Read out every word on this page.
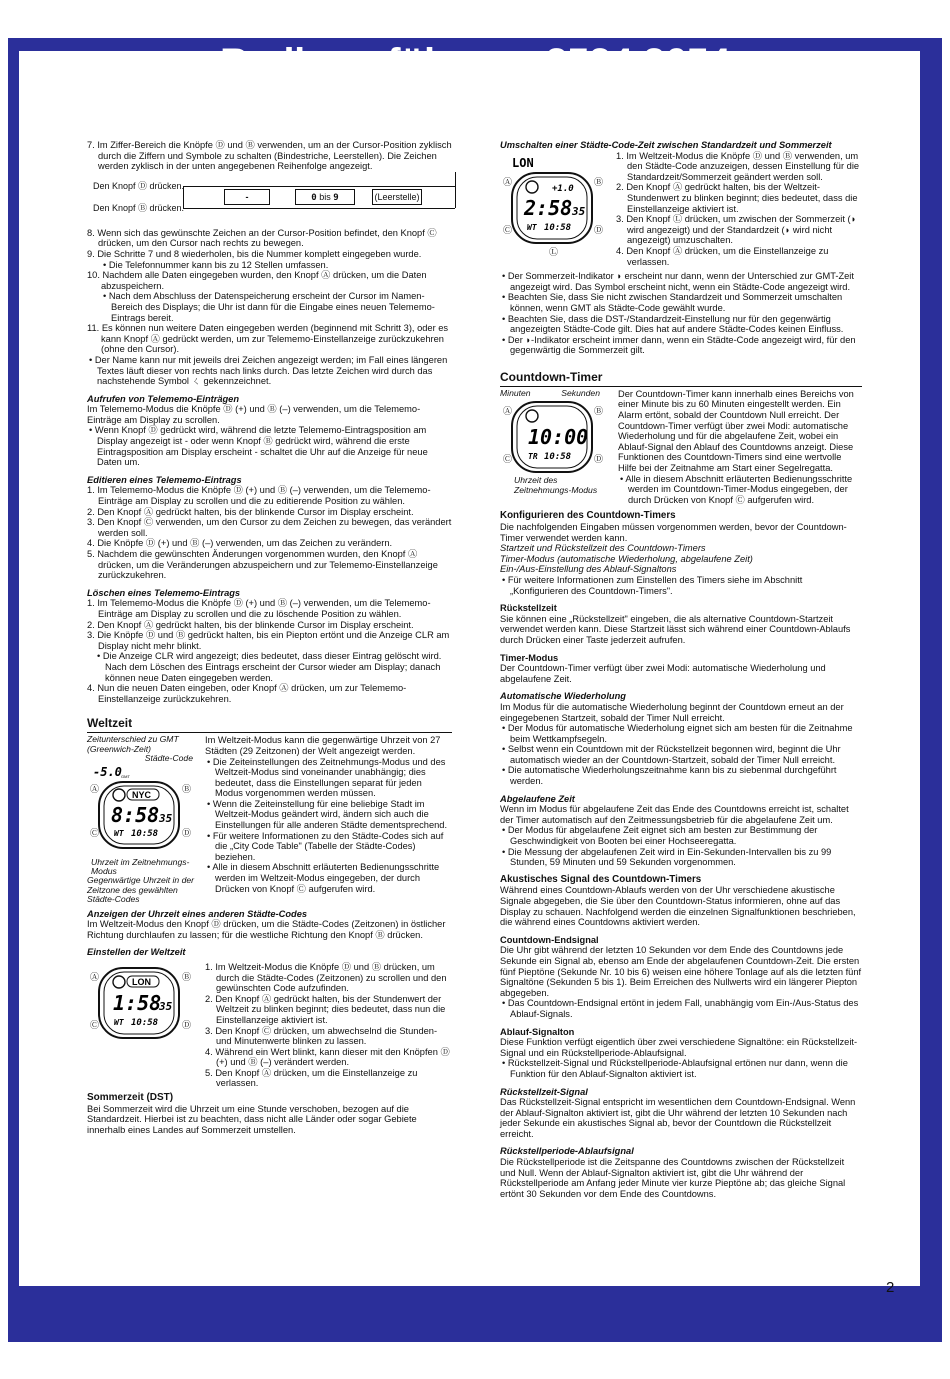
Bedienerführung 2534 2654	CASIO

7. Im Ziffer-Bereich die Knöpfe Ⓓ und Ⓑ verwenden, um an der Cursor-Position zyklisch durch die Ziffern und Symbole zu schalten (Bindestriche, Leerstellen). Die Zeichen werden zyklisch in der unten angegebenen Reihenfolge angezeigt.

Den Knopf Ⓓ drücken.
Den Knopf Ⓑ drücken.
-	0 bis 9	(Leerstelle)

8. Wenn sich das gewünschte Zeichen an der Cursor-Position befindet, den Knopf Ⓒ drücken, um den Cursor nach rechts zu bewegen.

9. Die Schritte 7 und 8 wiederholen, bis die Nummer komplett eingegeben wurde.

• Die Telefonnummer kann bis zu 12 Stellen umfassen.

10. Nachdem alle Daten eingegeben wurden, den Knopf Ⓐ drücken, um die Daten abzuspeichern.

• Nach dem Abschluss der Datenspeicherung erscheint der Cursor im Namen-Bereich des Displays; die Uhr ist dann für die Eingabe eines neuen Telememo-Eintrags bereit.

11. Es können nun weitere Daten eingegeben werden (beginnend mit Schritt 3), oder es kann Knopf Ⓐ gedrückt werden, um zur Telememo-Einstellanzeige zurückzukehren (ohne den Cursor).

• Der Name kann nur mit jeweils drei Zeichen angezeigt werden; im Fall eines längeren Textes läuft dieser von rechts nach links durch. Das letzte Zeichen wird durch das nachstehende Symbol ㄑ gekennzeichnet.

Aufrufen von Telememo-Einträgen

Im Telememo-Modus die Knöpfe Ⓓ (+) und Ⓑ (–) verwenden, um die Telememo-Einträge am Display zu scrollen.

• Wenn Knopf Ⓓ gedrückt wird, während die letzte Telememo-Eintragsposition am Display angezeigt ist - oder wenn Knopf Ⓑ gedrückt wird, während die erste Eintragsposition am Display erscheint - schaltet die Uhr auf die Anzeige für neue Daten um.

Editieren eines Telememo-Eintrags

1. Im Telememo-Modus die Knöpfe Ⓓ (+) und Ⓑ (–) verwenden, um die Telememo-Einträge am Display zu scrollen und die zu editierende Position zu wählen.

2. Den Knopf Ⓐ gedrückt halten, bis der blinkende Cursor im Display erscheint.

3. Den Knopf Ⓒ verwenden, um den Cursor zu dem Zeichen zu bewegen, das verändert werden soll.

4. Die Knöpfe Ⓓ (+) und Ⓑ (–) verwenden, um das Zeichen zu verändern.

5. Nachdem die gewünschten Änderungen vorgenommen wurden, den Knopf Ⓐ drücken, um die Veränderungen abzuspeichern und zur Telememo-Einstellanzeige zurückzukehren.

Löschen eines Telememo-Eintrags

1. Im Telememo-Modus die Knöpfe Ⓓ (+) und Ⓑ (–) verwenden, um die Telememo-Einträge am Display zu scrollen und die zu löschende Position zu wählen.

2. Den Knopf Ⓐ gedrückt halten, bis der blinkende Cursor im Display erscheint.

3. Die Knöpfe Ⓓ und Ⓑ gedrückt halten, bis ein Piepton ertönt und die Anzeige CLR am Display nicht mehr blinkt.

• Die Anzeige CLR wird angezeigt; dies bedeutet, dass dieser Eintrag gelöscht wird. Nach dem Löschen des Eintrags erscheint der Cursor wieder am Display; danach können neue Daten eingegeben werden.

4. Nun die neuen Daten eingeben, oder Knopf Ⓐ drücken, um zur Telememo-Einstellanzeige zurückzukehren.

Weltzeit
Zeitunterschied zu GMT (Greenwich-Zeit)
Städte-Code
-5.0 GMT
Ⓐ	Ⓑ
Ⓒ	Ⓓ
NYC
8:58 35
WT 10:58
Uhrzeit im Zeitnehmungs-Modus
Gegenwärtige Uhrzeit in der Zeitzone des gewählten Städte-Codes

Im Weltzeit-Modus kann die gegenwärtige Uhrzeit von 27 Städten (29 Zeitzonen) der Welt angezeigt werden.

• Die Zeiteinstellungen des Zeitnehmungs-Modus und des Weltzeit-Modus sind voneinander unabhängig; dies bedeutet, dass die Einstellungen separat für jeden Modus vorgenommen werden müssen.

• Wenn die Zeiteinstellung für eine beliebige Stadt im Weltzeit-Modus geändert wird, ändern sich auch die Einstellungen für alle anderen Städte dementsprechend.

• Für weitere Informationen zu den Städte-Codes sich auf die „City Code Table" (Tabelle der Städte-Codes) beziehen.

• Alle in diesem Abschnitt erläuterten Bedienungsschritte werden im Weltzeit-Modus eingegeben, der durch Drücken von Knopf Ⓒ aufgerufen wird.

Anzeigen der Uhrzeit eines anderen Städte-Codes

Im Weltzeit-Modus den Knopf Ⓓ drücken, um die Städte-Codes (Zeitzonen) in östlicher Richtung durchlaufen zu lassen; für die westliche Richtung den Knopf Ⓑ drücken.

Einstellen der Weltzeit

Ⓐ	Ⓑ
Ⓒ	Ⓓ
LON
1:58
35
WT 10:58

1. Im Weltzeit-Modus die Knöpfe Ⓓ und Ⓑ drücken, um durch die Städte-Codes (Zeitzonen) zu scrollen und den gewünschten Code aufzufinden.

2. Den Knopf Ⓐ gedrückt halten, bis der Stundenwert der Weltzeit zu blinken beginnt; dies bedeutet, dass nun die Einstellanzeige aktiviert ist.

3. Den Knopf Ⓒ drücken, um abwechselnd die Stunden- und Minutenwerte blinken zu lassen.

4. Während ein Wert blinkt, kann dieser mit den Knöpfen Ⓓ (+) und Ⓑ (–) verändert werden.

5. Den Knopf Ⓐ drücken, um die Einstellanzeige zu verlassen.

Sommerzeit (DST)

Bei Sommerzeit wird die Uhrzeit um eine Stunde verschoben, bezogen auf die Standardzeit. Hierbei ist zu beachten, dass nicht alle Länder oder sogar Gebiete innerhalb eines Landes auf Sommerzeit umstellen.

Umschalten einer Städte-Code-Zeit zwischen Standardzeit und Sommerzeit

LON
Ⓐ	Ⓑ
Ⓒ	Ⓓ
Ⓛ
+1.0
2:58 35
WT 10:58

1. Im Weltzeit-Modus die Knöpfe Ⓓ und Ⓑ verwenden, um den Städte-Code anzuzeigen, dessen Einstellung für die Standardzeit/Sommerzeit geändert werden soll.

2. Den Knopf Ⓐ gedrückt halten, bis der Weltzeit-Stundenwert zu blinken beginnt; dies bedeutet, dass die Einstellanzeige aktiviert ist.

3. Den Knopf Ⓛ drücken, um zwischen der Sommerzeit (◗ wird angezeigt) und der Standardzeit (◗ wird nicht angezeigt) umzuschalten.

4. Den Knopf Ⓐ drücken, um die Einstellanzeige zu verlassen.

• Der Sommerzeit-Indikator ◗ erscheint nur dann, wenn der Unterschied zur GMT-Zeit angezeigt wird. Das Symbol erscheint nicht, wenn ein Städte-Code angezeigt wird.

• Beachten Sie, dass Sie nicht zwischen Standardzeit und Sommerzeit umschalten können, wenn GMT als Städte-Code gewählt wurde.

• Beachten Sie, dass die DST-/Standardzeit-Einstellung nur für den gegenwärtig angezeigten Städte-Code gilt. Dies hat auf andere Städte-Codes keinen Einfluss.

• Der ◗-Indikator erscheint immer dann, wenn ein Städte-Code angezeigt wird, für den gegenwärtig die Sommerzeit gilt.

Countdown-Timer
Minuten	Sekunden
Ⓐ	Ⓑ
Ⓒ	Ⓓ
10:00
TR 10:58
Uhrzeit des Zeitnehmungs-Modus

Der Countdown-Timer kann innerhalb eines Bereichs von einer Minute bis zu 60 Minuten eingestellt werden. Ein Alarm ertönt, sobald der Countdown Null erreicht. Der Countdown-Timer verfügt über zwei Modi: automatische Wiederholung und für die abgelaufene Zeit, wobei ein Ablauf-Signal den Ablauf des Countdowns anzeigt. Diese Funktionen des Countdown-Timers sind eine wertvolle Hilfe bei der Zeitnahme am Start einer Segelregatta.

• Alle in diesem Abschnitt erläuterten Bedienungsschritte werden im Countdown-Timer-Modus eingegeben, der durch Drücken von Knopf Ⓒ aufgerufen wird.

Konfigurieren des Countdown-Timers

Die nachfolgenden Eingaben müssen vorgenommen werden, bevor der Countdown-Timer verwendet werden kann.

Startzeit und Rückstellzeit des Countdown-Timers

Timer-Modus (automatische Wiederholung, abgelaufene Zeit)

Ein-/Aus-Einstellung des Ablauf-Signaltons

• Für weitere Informationen zum Einstellen des Timers siehe im Abschnitt „Konfigurieren des Countdown-Timers".

Rückstellzeit

Sie können eine „Rückstellzeit" eingeben, die als alternative Countdown-Startzeit verwendet werden kann. Diese Startzeit lässt sich während einer Countdown-Ablaufs durch Drücken einer Taste jederzeit aufrufen.

Timer-Modus

Der Countdown-Timer verfügt über zwei Modi: automatische Wiederholung und abgelaufene Zeit.

Automatische Wiederholung

Im Modus für die automatische Wiederholung beginnt der Countdown erneut an der eingegebenen Startzeit, sobald der Timer Null erreicht.

• Der Modus für automatische Wiederholung eignet sich am besten für die Zeitnahme beim Wettkampfsegeln.

• Selbst wenn ein Countdown mit der Rückstellzeit begonnen wird, beginnt die Uhr automatisch wieder an der Countdown-Startzeit, sobald der Timer Null erreicht.

• Die automatische Wiederholungszeitnahme kann bis zu siebenmal durchgeführt werden.

Abgelaufene Zeit

Wenn im Modus für abgelaufene Zeit das Ende des Countdowns erreicht ist, schaltet der Timer automatisch auf den Zeitmessungsbetrieb für die abgelaufene Zeit um.

• Der Modus für abgelaufene Zeit eignet sich am besten zur Bestimmung der Geschwindigkeit von Booten bei einer Hochseeregatta.

• Die Messung der abgelaufenen Zeit wird in Ein-Sekunden-Intervallen bis zu 99 Stunden, 59 Minuten und 59 Sekunden vorgenommen.

Akustisches Signal des Countdown-Timers

Während eines Countdown-Ablaufs werden von der Uhr verschiedene akustische Signale abgegeben, die Sie über den Countdown-Status informieren, ohne auf das Display zu schauen. Nachfolgend werden die einzelnen Signalfunktionen beschrieben, die während eines Countdowns aktiviert werden.

Countdown-Endsignal

Die Uhr gibt während der letzten 10 Sekunden vor dem Ende des Countdowns jede Sekunde ein Signal ab, ebenso am Ende der abgelaufenen Countdown-Zeit. Die ersten fünf Pieptöne (Sekunde Nr. 10 bis 6) weisen eine höhere Tonlage auf als die letzten fünf Signaltöne (Sekunden 5 bis 1). Beim Erreichen des Nullwerts wird ein längerer Piepton abgegeben.

• Das Countdown-Endsignal ertönt in jedem Fall, unabhängig vom Ein-/Aus-Status des Ablauf-Signals.

Ablauf-Signalton

Diese Funktion verfügt eigentlich über zwei verschiedene Signaltöne: ein Rückstellzeit-Signal und ein Rückstellperiode-Ablaufsignal.

• Rückstellzeit-Signal und Rückstellperiode-Ablaufsignal ertönen nur dann, wenn die Funktion für den Ablauf-Signalton aktiviert ist.

Rückstellzeit-Signal

Das Rückstellzeit-Signal entspricht im wesentlichen dem Countdown-Endsignal. Wenn der Ablauf-Signalton aktiviert ist, gibt die Uhr während der letzten 10 Sekunden nach jeder Sekunde ein akustisches Signal ab, bevor der Countdown die Rückstellzeit erreicht.

Rückstellperiode-Ablaufsignal

Die Rückstellperiode ist die Zeitspanne des Countdowns zwischen der Rückstellzeit und Null. Wenn der Ablauf-Signalton aktiviert ist, gibt die Uhr während der Rückstellperiode am Anfang jeder Minute vier kurze Pieptöne ab; das gleiche Signal ertönt 30 Sekunden vor dem Ende des Countdowns.

2
